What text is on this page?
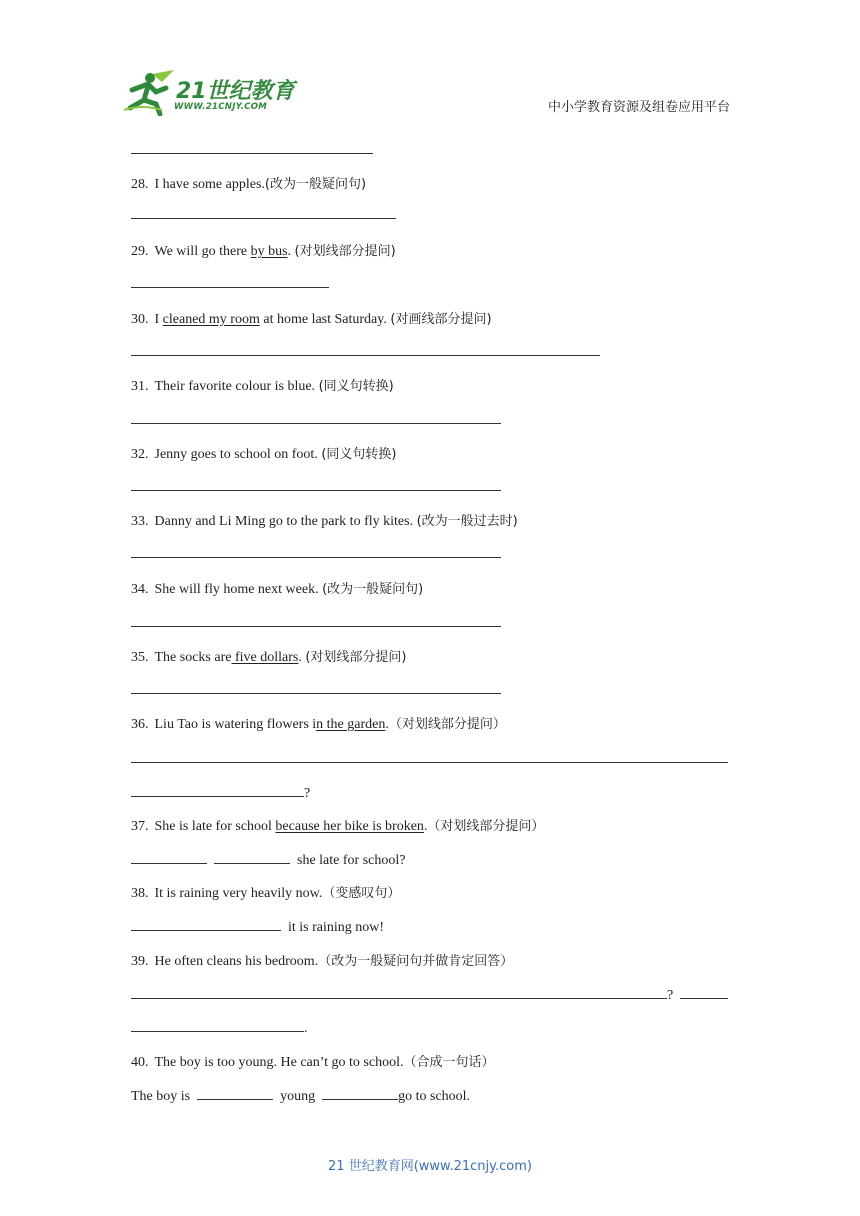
21世纪教育
WWW.21CNJY.COM	中小学教育资源及组卷应用平台
28. I have some apples.(改为一般疑问句)
29. We will go there by bus. (对划线部分提问)
30. I cleaned my room at home last Saturday. (对画线部分提问)
31. Their favorite colour is blue. (同义句转换)
32. Jenny goes to school on foot. (同义句转换)
33. Danny and Li Ming go to the park to fly kites. (改为一般过去时)
34. She will fly home next week. (改为一般疑问句)
35. The socks are five dollars. (对划线部分提问)
36. Liu Tao is watering flowers in the garden.（对划线部分提问）
?
37. She is late for school because her bike is broken.（对划线部分提问）
she late for school?
38. It is raining very heavily now.（变感叹句）
it is raining now!
39. He often cleans his bedroom.（改为一般疑问句并做肯定回答）
?
.
40. The boy is too young. He can’t go to school.（合成一句话）
The boy is	young	go to school.
21 世纪教育网(www.21cnjy.com)
